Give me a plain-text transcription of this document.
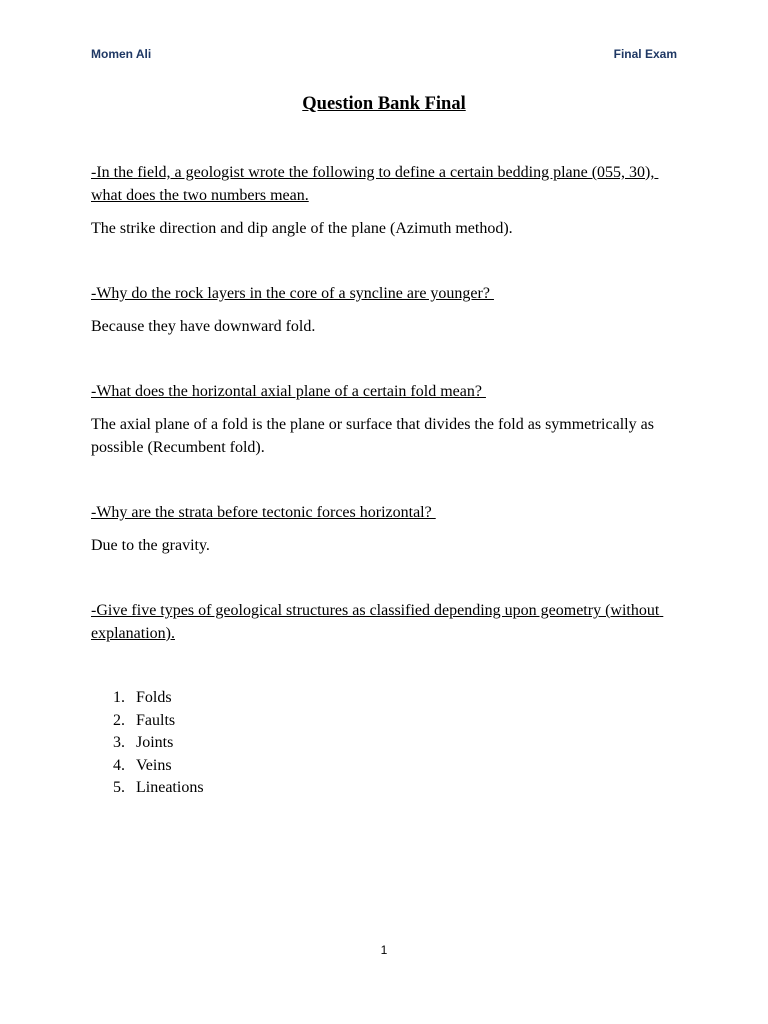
Momen Ali	Final Exam
Question Bank Final
-In the field, a geologist wrote the following to define a certain bedding plane (055, 30), what does the two numbers mean.
The strike direction and dip angle of the plane (Azimuth method).
-Why do the rock layers in the core of a syncline are younger?
Because they have downward fold.
-What does the horizontal axial plane of a certain fold mean?
The axial plane of a fold is the plane or surface that divides the fold as symmetrically as possible (Recumbent fold).
-Why are the strata before tectonic forces horizontal?
Due to the gravity.
-Give five types of geological structures as classified depending upon geometry (without explanation).
1. Folds
2. Faults
3. Joints
4. Veins
5. Lineations
1
